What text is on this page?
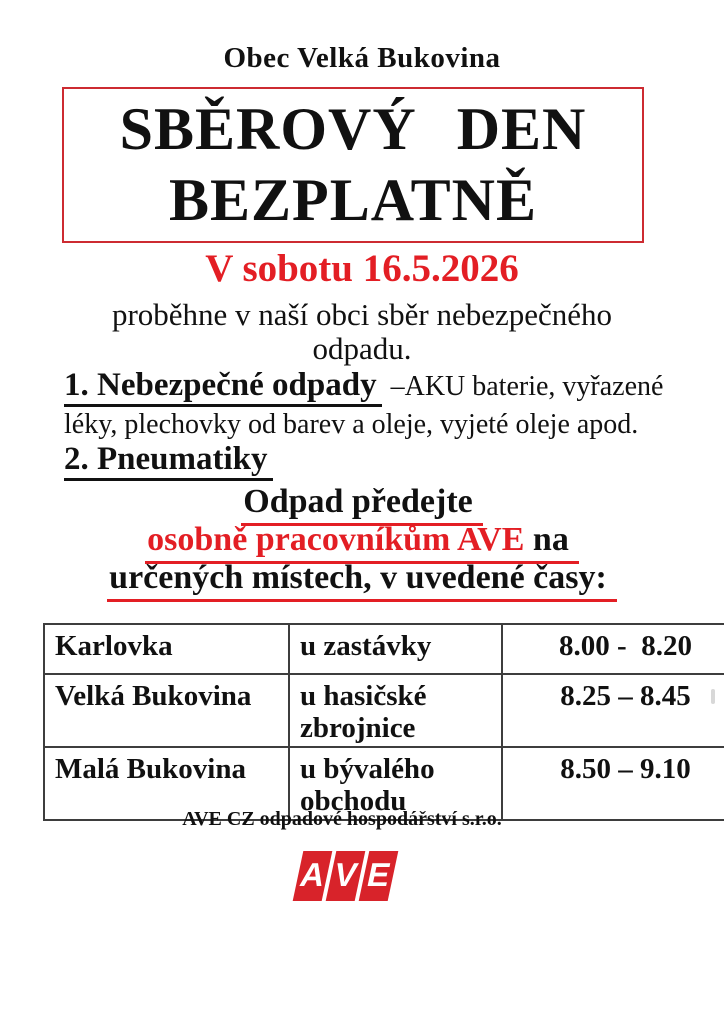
Obec Velká Bukovina
SBĚROVÝ DEN
BEZPLATNĚ
V sobotu 16.5.2026
proběhne v naší obci sběr nebezpečného
odpadu.
1. Nebezpečné odpady –AKU baterie, vyřazené
léky, plechovky od barev a oleje, vyjeté oleje apod.
2. Pneumatiky
Odpad předejte
osobně pracovníkům AVE na
určených místech, v uvedené časy:
Karlovka	u zastávky	8.00 -  8.20
Velká Bukovina	u hasičské zbrojnice	8.25 – 8.45
Malá Bukovina	u bývalého obchodu	8.50 – 9.10
AVE CZ odpadové hospodářství s.r.o.
A V E
